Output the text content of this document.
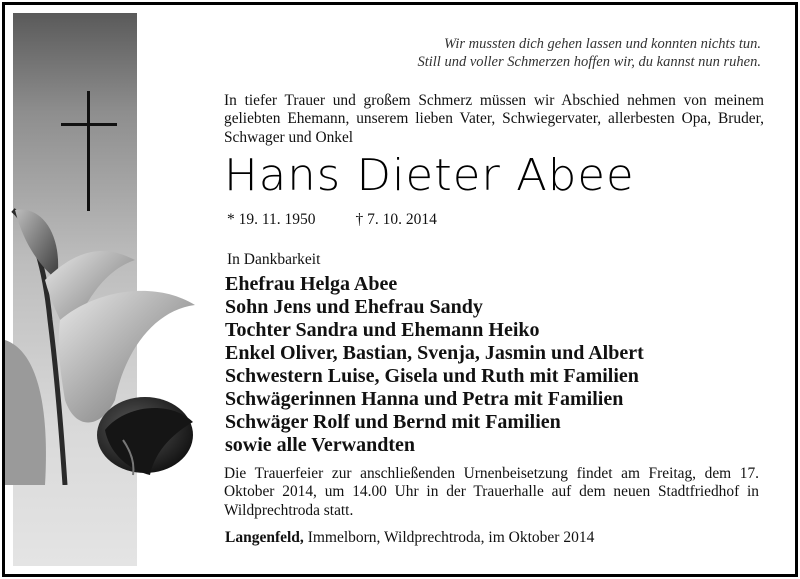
Wir mussten dich gehen lassen und konnten nichts tun.
Still und voller Schmerzen hoffen wir, du kannst nun ruhen.
In tiefer Trauer und großem Schmerz müssen wir Abschied nehmen von meinem geliebten Ehemann, unserem lieben Vater, Schwiegervater, allerbesten Opa, Bruder, Schwager und Onkel
Hans Dieter Abee
* 19. 11. 1950	† 7. 10. 2014
In Dankbarkeit
Ehefrau Helga Abee
Sohn Jens und Ehefrau Sandy
Tochter Sandra und Ehemann Heiko
Enkel Oliver, Bastian, Svenja, Jasmin und Albert
Schwestern Luise, Gisela und Ruth mit Familien
Schwägerinnen Hanna und Petra mit Familien
Schwäger Rolf und Bernd mit Familien
sowie alle Verwandten
Die Trauerfeier zur anschließenden Urnenbeisetzung findet am Freitag, dem 17. Oktober 2014, um 14.00 Uhr in der Trauerhalle auf dem neuen Stadtfriedhof in Wildprechtroda statt.
Langenfeld, Immelborn, Wildprechtroda, im Oktober 2014
